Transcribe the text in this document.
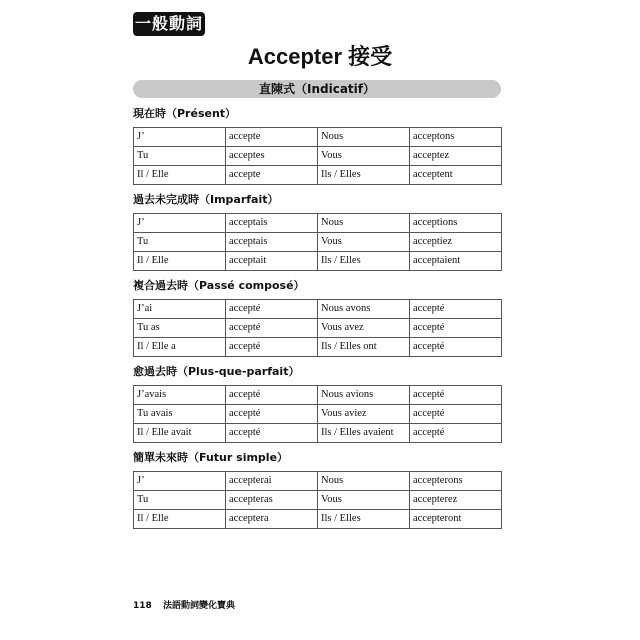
一般動詞
Accepter 接受
直陳式（Indicatif）
現在時（Présent）
J’	accepte	Nous	acceptons
Tu	acceptes	Vous	acceptez
Il / Elle	accepte	Ils / Elles	acceptent
過去未完成時（Imparfait）
J’	acceptais	Nous	acceptions
Tu	acceptais	Vous	acceptiez
Il / Elle	acceptait	Ils / Elles	acceptaient
複合過去時（Passé composé）
J’ai	accepté	Nous avons	accepté
Tu as	accepté	Vous avez	accepté
Il / Elle a	accepté	Ils / Elles ont	accepté
愈過去時（Plus-que-parfait）
J’avais	accepté	Nous avions	accepté
Tu avais	accepté	Vous aviez	accepté
Il / Elle avait	accepté	Ils / Elles avaient	accepté
簡單未來時（Futur simple）
J’	accepterai	Nous	accepterons
Tu	accepteras	Vous	accepterez
Il / Elle	acceptera	Ils / Elles	accepteront
118 法語動詞變化寶典
